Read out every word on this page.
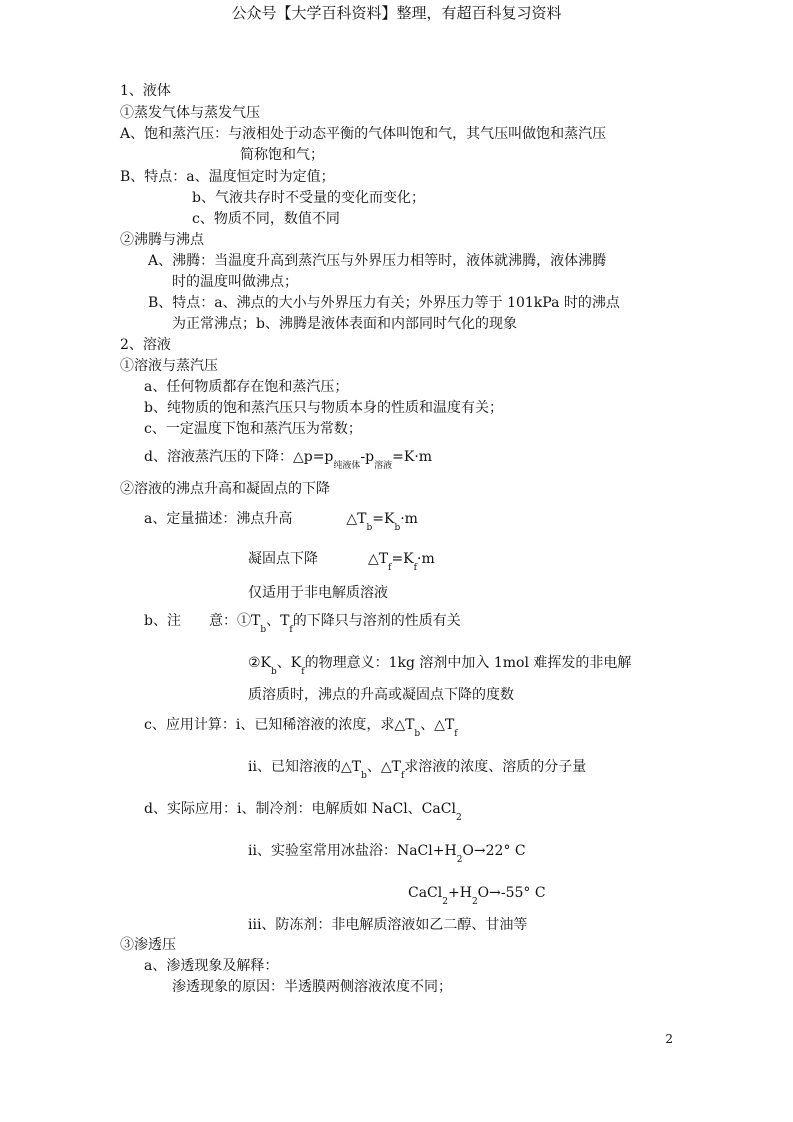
公众号【大学百科资料】整理，有超百科复习资料
1、液体
①蒸发气体与蒸发气压
A、饱和蒸汽压：与液相处于动态平衡的气体叫饱和气，其气压叫做饱和蒸汽压
简称饱和气；
B、特点：a、温度恒定时为定值；
b、气液共存时不受量的变化而变化；
c、物质不同，数值不同
②沸腾与沸点
A、沸腾：当温度升高到蒸汽压与外界压力相等时，液体就沸腾，液体沸腾
时的温度叫做沸点；
B、特点：a、沸点的大小与外界压力有关；外界压力等于 101kPa 时的沸点
为正常沸点；b、沸腾是液体表面和内部同时气化的现象
2、溶液
①溶液与蒸汽压
a、任何物质都存在饱和蒸汽压；
b、纯物质的饱和蒸汽压只与物质本身的性质和温度有关；
c、一定温度下饱和蒸汽压为常数；
d、溶液蒸汽压的下降：$\triangle p=p_{纯液体}-p_{溶液}=K\cdot m$
②溶液的沸点升高和凝固点的下降
a、定量描述：沸点升高	$\triangle T_b=K_b\cdot m$
凝固点下降	$\triangle T_f=K_f\cdot m$
仅适用于非电解质溶液
b、注　　意：$①T_b$、$T_f$的下降只与溶剂的性质有关
$②K_b$、$K_f$的物理意义：1kg 溶剂中加入 1mol 难挥发的非电解
质溶质时，沸点的升高或凝固点下降的度数
c、应用计算：i、已知稀溶液的浓度，求$\triangle T_b$、$\triangle T_f$
ii、已知溶液的$\triangle T_b$、$\triangle T_f$求溶液的浓度、溶质的分子量
d、实际应用：i、制冷剂：电解质如 NaCl、CaCl$_2$
ii、实验室常用冰盐浴：$NaCl+H_2O\to 22^\circ$ C
$CaCl_2+H_2O\to-55^\circ$ C
iii、防冻剂：非电解质溶液如乙二醇、甘油等
③渗透压
a、渗透现象及解释：
渗透现象的原因：半透膜两侧溶液浓度不同；
2
